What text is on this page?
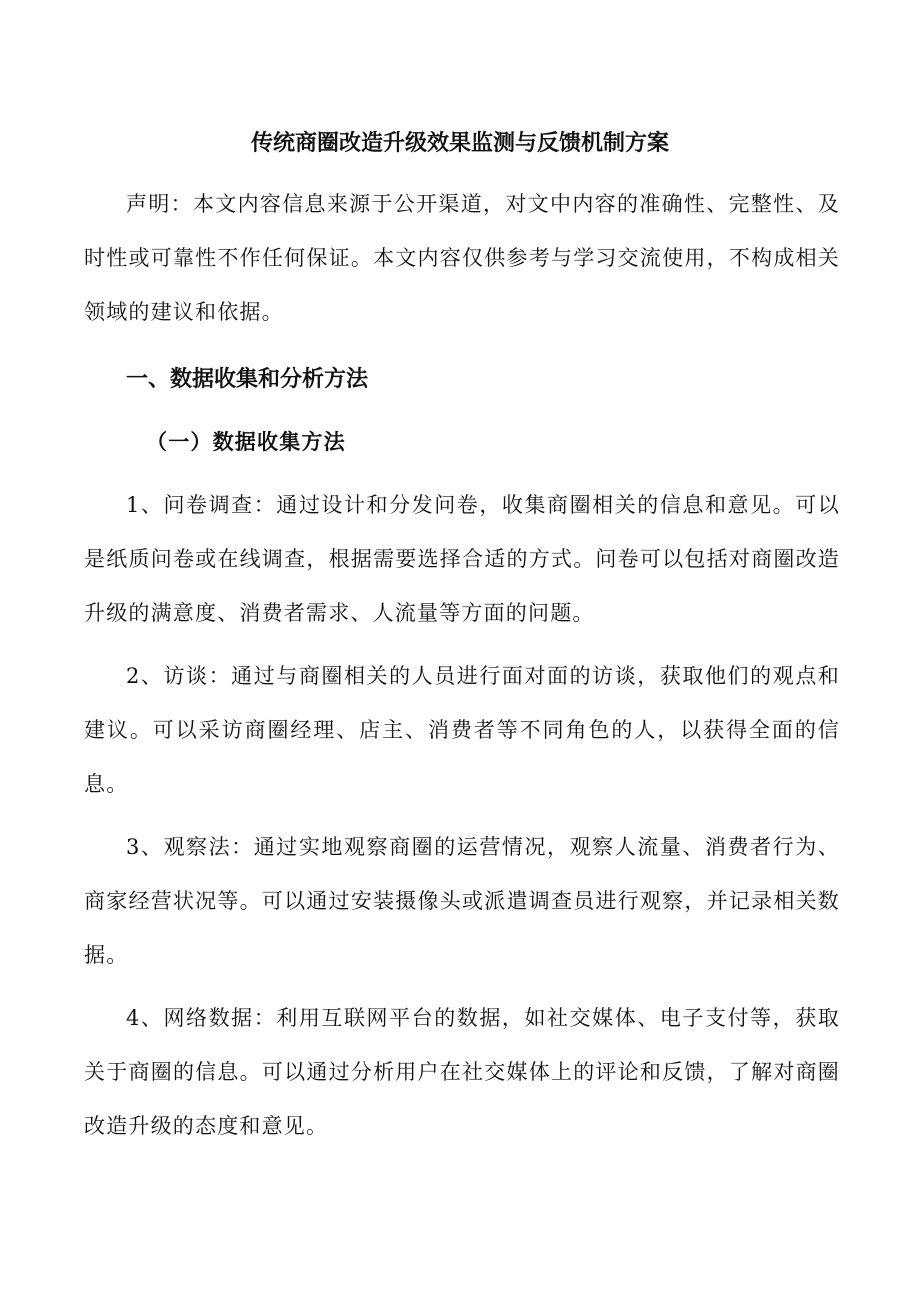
传统商圈改造升级效果监测与反馈机制方案

声明：本文内容信息来源于公开渠道，对文中内容的准确性、完整性、及时性或可靠性不作任何保证。本文内容仅供参考与学习交流使用，不构成相关领域的建议和依据。

一、数据收集和分析方法
（一）数据收集方法

1、问卷调查：通过设计和分发问卷，收集商圈相关的信息和意见。可以是纸质问卷或在线调查，根据需要选择合适的方式。问卷可以包括对商圈改造升级的满意度、消费者需求、人流量等方面的问题。

2、访谈：通过与商圈相关的人员进行面对面的访谈，获取他们的观点和建议。可以采访商圈经理、店主、消费者等不同角色的人，以获得全面的信息。

3、观察法：通过实地观察商圈的运营情况，观察人流量、消费者行为、商家经营状况等。可以通过安装摄像头或派遣调查员进行观察，并记录相关数据。

4、网络数据：利用互联网平台的数据，如社交媒体、电子支付等，获取关于商圈的信息。可以通过分析用户在社交媒体上的评论和反馈，了解对商圈改造升级的态度和意见。
